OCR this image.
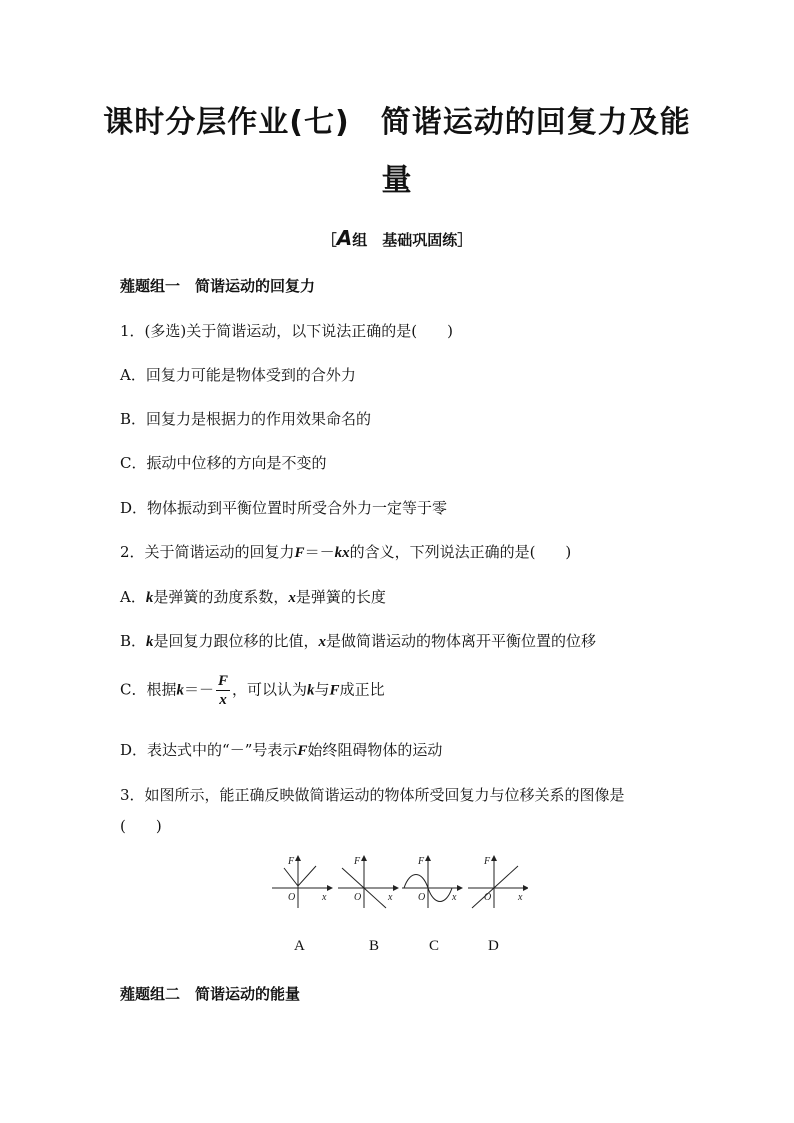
课时分层作业(七)　简谐运动的回复力及能
量
［A组　基础巩固练］
薤题组一　简谐运动的回复力
1．(多选)关于简谐运动，以下说法正确的是(　　)
A．回复力可能是物体受到的合外力
B．回复力是根据力的作用效果命名的
C．振动中位移的方向是不变的
D．物体振动到平衡位置时所受合外力一定等于零
2．关于简谐运动的回复力F＝－kx的含义，下列说法正确的是(　　)
A．k是弹簧的劲度系数，x是弹簧的长度
B．k是回复力跟位移的比值，x是做简谐运动的物体离开平衡位置的位移
C．根据$k=- \frac{F}{x}$ ，可以认为k与F成正比
D．表达式中的“－”号表示F始终阻碍物体的运动
3．如图所示，能正确反映做简谐运动的物体所受回复力与位移关系的图像是
(　　)
F
x
O
F
x
O
F
x
O
F
x
O
A	B	C	D
薤题组二　简谐运动的能量
